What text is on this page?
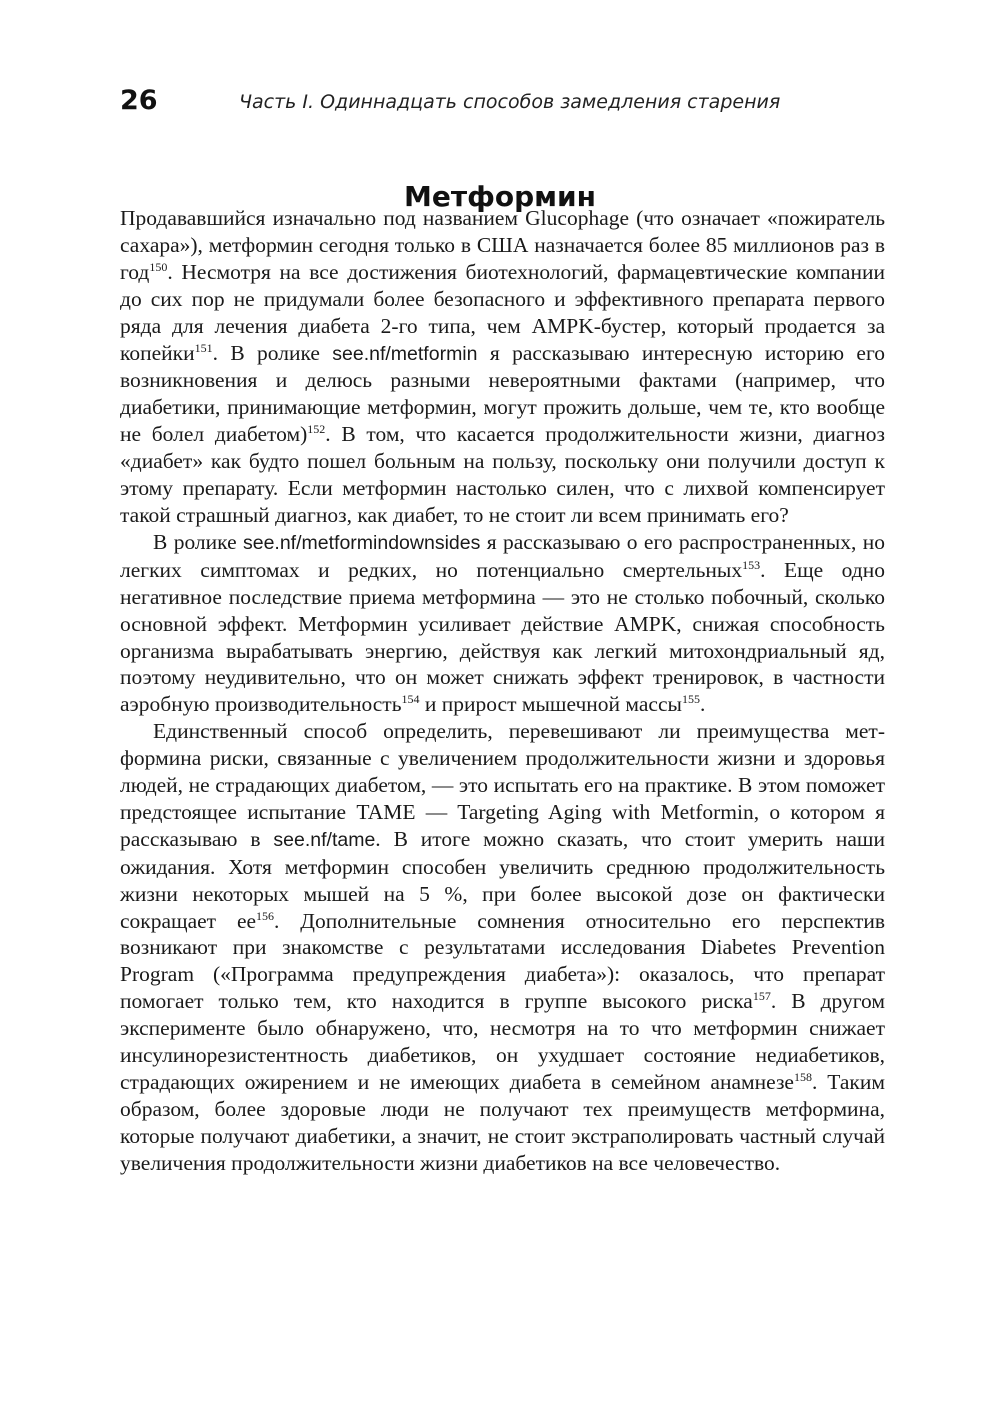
26	Часть I. Одиннадцать способов замедления старения
Метформин

Продававшийся изначально под названием Glucophage (что означает «пожиратель сахара»), метформин сегодня только в США назначается более 85 миллионов раз в год$^{150}$. Несмотря на все достижения биотехнологий, фармацевтические компании до сих пор не придумали более безопасного и эффективного препарата первого ряда для лечения диабета 2-го типа, чем AMPK-бустер, который продается за копейки$^{151}$. В ролике see.nf/​metformin я рассказываю интересную историю его возникновения и делюсь разными невероятными фактами (например, что диабетики, принимающие метформин, могут прожить дольше, чем те, кто вообще не болел диабетом)$^{152}$. В том, что касается продолжительности жизни, диагноз «диабет» как будто пошел больным на пользу, поскольку они получили доступ к этому препарату. Если метформин настолько силен, что с лихвой компенсирует такой страшный диагноз, как диабет, то не стоит ли всем принимать его?

В ролике see.nf/metformindownsides я рассказываю о его распространенных, но легких симптомах и редких, но потенциально смертельных$^{153}$. Еще одно негативное последствие приема метформина — это не столько побочный, сколько основной эффект. Метформин усиливает действие AMPK, снижая способность организма вырабатывать энергию, действуя как легкий митохондриальный яд, поэтому неудивительно, что он может снижать эффект тренировок, в частности аэробную производительность$^{154}$ и прирост мышечной массы$^{155}$.

Единственный способ определить, перевешивают ли преимущества метформина риски, связанные с увеличением продолжительности жизни и здоровья людей, не страдающих диабетом, — это испытать его на практике. В этом поможет предстоящее испытание TAME — Targeting Aging with Metformin, о котором я рассказываю в see.nf/tame. В итоге можно сказать, что стоит умерить наши ожидания. Хотя метформин способен увеличить среднюю продолжительность жизни некоторых мышей на 5 %, при более высокой дозе он фактически сокращает $ее^{156}$. Дополнительные сомнения относительно его перспектив возникают при знакомстве с результатами исследования Diabetes Prevention Program («Программа предупреждения диабета»): оказалось, что препарат помогает только тем, кто находится в группе высокого риска$^{157}$. В другом эксперименте было обнаружено, что, несмотря на то что метформин снижает инсулинорезистентность диабетиков, он ухудшает состояние недиабетиков, страдающих ожирением и не имеющих диабета в семейном анамнезе$^{158}$. Таким образом, более здоровые люди не получают тех преимуществ метформина, которые получают диабетики, а значит, не стоит экстраполировать частный случай увеличения продолжительности жизни диабетиков на все человечество.
